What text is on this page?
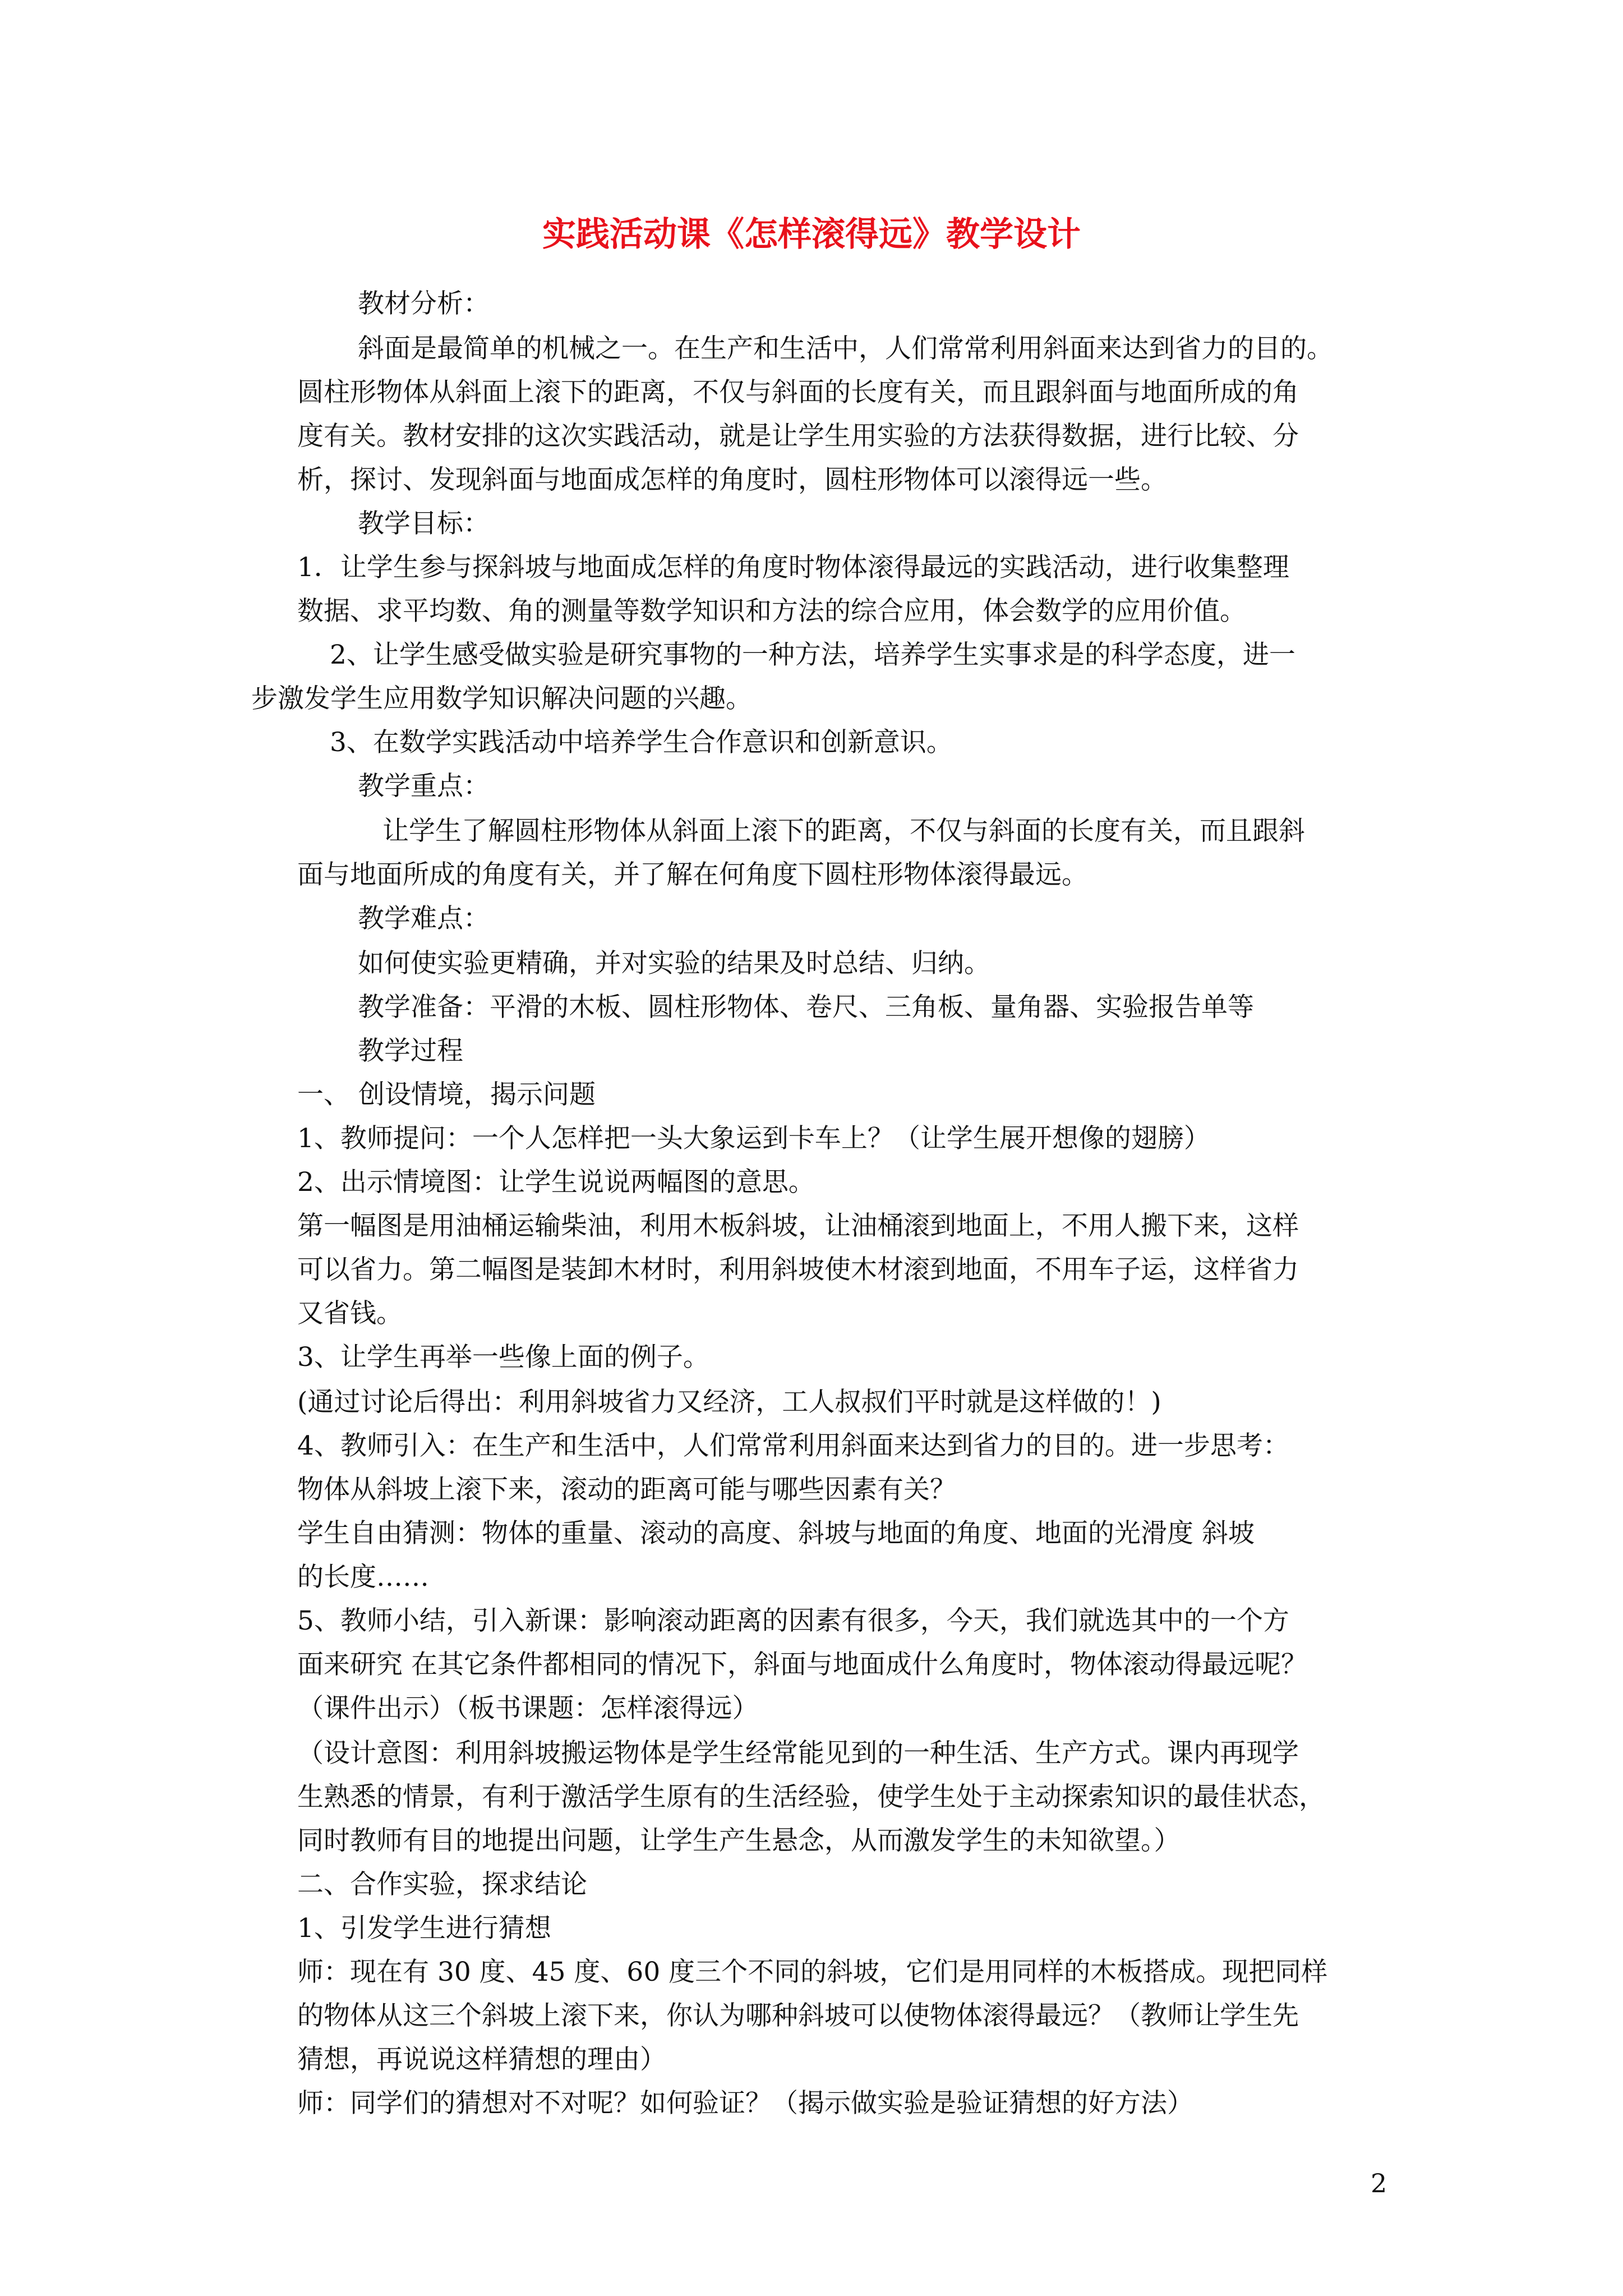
实践活动课《怎样滚得远》教学设计
教材分析：
斜面是最简单的机械之一。在生产和生活中，人们常常利用斜面来达到省力的目的。
圆柱形物体从斜面上滚下的距离，不仅与斜面的长度有关，而且跟斜面与地面所成的角
度有关。教材安排的这次实践活动，就是让学生用实验的方法获得数据，进行比较、分
析，探讨、发现斜面与地面成怎样的角度时，圆柱形物体可以滚得远一些。
教学目标：
1．让学生参与探斜坡与地面成怎样的角度时物体滚得最远的实践活动，进行收集整理
数据、求平均数、角的测量等数学知识和方法的综合应用，体会数学的应用价值。
2、让学生感受做实验是研究事物的一种方法，培养学生实事求是的科学态度，进一
步激发学生应用数学知识解决问题的兴趣。
3、在数学实践活动中培养学生合作意识和创新意识。
教学重点：
让学生了解圆柱形物体从斜面上滚下的距离，不仅与斜面的长度有关，而且跟斜
面与地面所成的角度有关，并了解在何角度下圆柱形物体滚得最远。
教学难点：
如何使实验更精确，并对实验的结果及时总结、归纳。
教学准备：平滑的木板、圆柱形物体、卷尺、三角板、量角器、实验报告单等
教学过程
一、 创设情境，揭示问题
1、教师提问：一个人怎样把一头大象运到卡车上？（让学生展开想像的翅膀）
2、出示情境图：让学生说说两幅图的意思。
第一幅图是用油桶运输柴油，利用木板斜坡，让油桶滚到地面上，不用人搬下来，这样
可以省力。第二幅图是装卸木材时，利用斜坡使木材滚到地面，不用车子运，这样省力
又省钱。
3、让学生再举一些像上面的例子。
(通过讨论后得出：利用斜坡省力又经济，工人叔叔们平时就是这样做的！)
4、教师引入：在生产和生活中，人们常常利用斜面来达到省力的目的。进一步思考：
物体从斜坡上滚下来，滚动的距离可能与哪些因素有关？
学生自由猜测：物体的重量、滚动的高度、斜坡与地面的角度、地面的光滑度 斜坡
的长度……
5、教师小结，引入新课：影响滚动距离的因素有很多，今天，我们就选其中的一个方
面来研究 在其它条件都相同的情况下，斜面与地面成什么角度时，物体滚动得最远呢？
（课件出示）（板书课题：怎样滚得远）
（设计意图：利用斜坡搬运物体是学生经常能见到的一种生活、生产方式。课内再现学
生熟悉的情景，有利于激活学生原有的生活经验，使学生处于主动探索知识的最佳状态，
同时教师有目的地提出问题，让学生产生悬念，从而激发学生的未知欲望。）
二、合作实验，探求结论
1、引发学生进行猜想
师：现在有 30 度、45 度、60 度三个不同的斜坡，它们是用同样的木板搭成。现把同样
的物体从这三个斜坡上滚下来，你认为哪种斜坡可以使物体滚得最远？（教师让学生先
猜想，再说说这样猜想的理由）
师：同学们的猜想对不对呢？如何验证？（揭示做实验是验证猜想的好方法）
2
